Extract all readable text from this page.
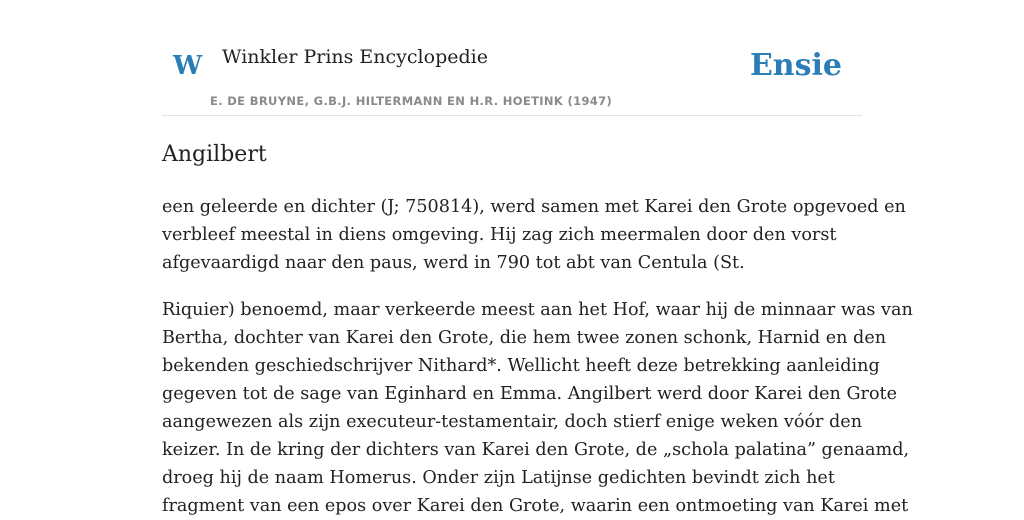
W Winkler Prins Encyclopedie
E. DE BRUYNE, G.B.J. HILTERMANN EN H.R. HOETINK (1947)
Ensie
Angilbert

een geleerde en dichter (J; 750814), werd samen met Karei den Grote opgevoed en
verbleef meestal in diens omgeving. Hij zag zich meermalen door den vorst
afgevaardigd naar den paus, werd in 790 tot abt van Centula (St.

Riquier) benoemd, maar verkeerde meest aan het Hof, waar hij de minnaar was van
Bertha, dochter van Karei den Grote, die hem twee zonen schonk, Harnid en den
bekenden geschiedschrijver Nithard*. Wellicht heeft deze betrekking aanleiding
gegeven tot de sage van Eginhard en Emma. Angilbert werd door Karei den Grote
aangewezen als zijn executeur-testamentair, doch stierf enige weken vóór den
keizer. In de kring der dichters van Karei den Grote, de „schola palatina” genaamd,
droeg hij de naam Homerus. Onder zijn Latijnse gedichten bevindt zich het
fragment van een epos over Karei den Grote, waarin een ontmoeting van Karei met
